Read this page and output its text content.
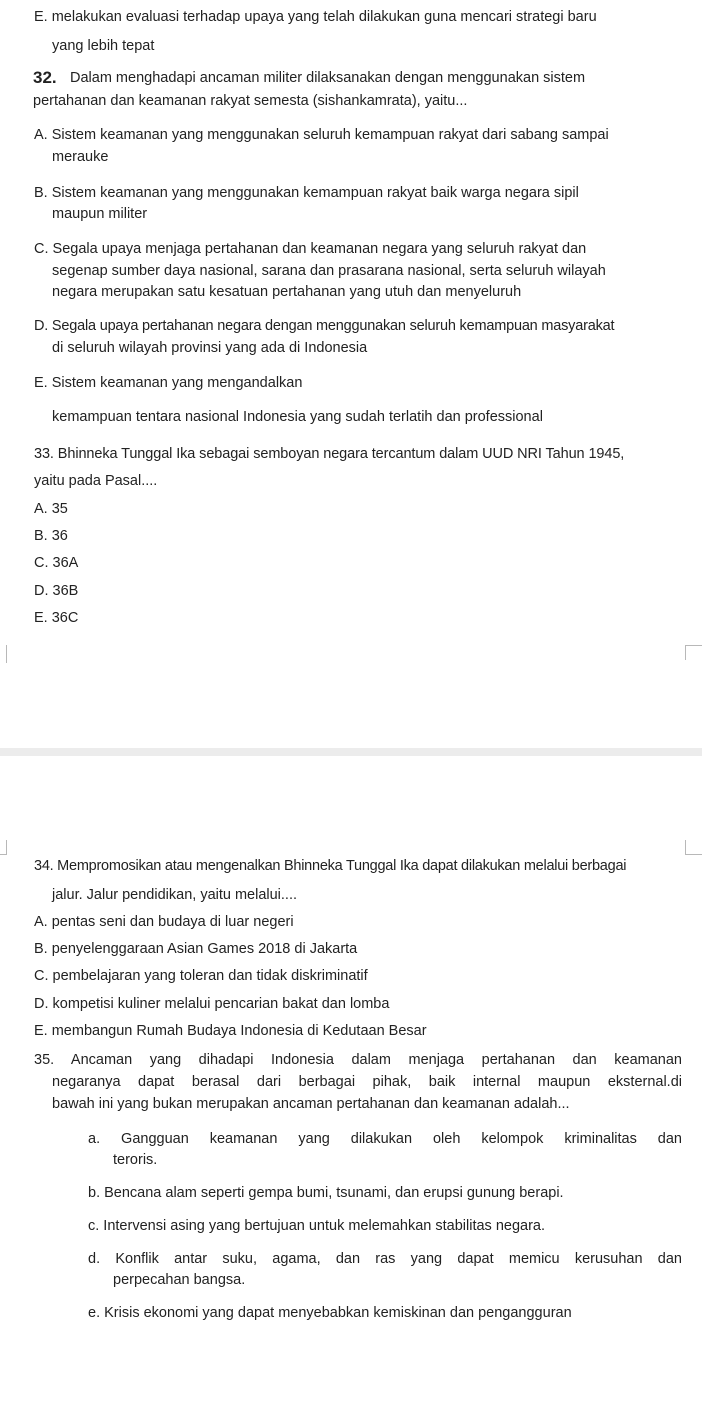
E. melakukan evaluasi terhadap upaya yang telah dilakukan guna mencari strategi baru
yang lebih tepat
32. Dalam menghadapi ancaman militer dilaksanakan dengan menggunakan sistem
pertahanan dan keamanan rakyat semesta (sishankamrata), yaitu...
A. Sistem keamanan yang menggunakan seluruh kemampuan rakyat dari sabang sampai
merauke
B. Sistem keamanan yang menggunakan kemampuan rakyat baik warga negara sipil
maupun militer
C. Segala upaya menjaga pertahanan dan keamanan negara yang seluruh rakyat dan
segenap sumber daya nasional, sarana dan prasarana nasional, serta seluruh wilayah
negara merupakan satu kesatuan pertahanan yang utuh dan menyeluruh
D. Segala upaya pertahanan negara dengan menggunakan seluruh kemampuan masyarakat
di seluruh wilayah provinsi yang ada di Indonesia
E. Sistem keamanan yang mengandalkan
kemampuan tentara nasional Indonesia yang sudah terlatih dan professional
33. Bhinneka Tunggal Ika sebagai semboyan negara tercantum dalam UUD NRI Tahun 1945,
yaitu pada Pasal....
A. 35
B. 36
C. 36A
D. 36B
E. 36C
34. Mempromosikan atau mengenalkan Bhinneka Tunggal Ika dapat dilakukan melalui berbagai
jalur. Jalur pendidikan, yaitu melalui....
A. pentas seni dan budaya di luar negeri
B. penyelenggaraan Asian Games 2018 di Jakarta
C. pembelajaran yang toleran dan tidak diskriminatif
D. kompetisi kuliner melalui pencarian bakat dan lomba
E. membangun Rumah Budaya Indonesia di Kedutaan Besar
35. Ancaman yang dihadapi Indonesia dalam menjaga pertahanan dan keamanan
negaranya dapat berasal dari berbagai pihak, baik internal maupun eksternal.di
bawah ini yang bukan merupakan ancaman pertahanan dan keamanan adalah...
a. Gangguan keamanan yang dilakukan oleh kelompok kriminalitas dan
teroris.
b. Bencana alam seperti gempa bumi, tsunami, dan erupsi gunung berapi.
c. Intervensi asing yang bertujuan untuk melemahkan stabilitas negara.
d. Konflik antar suku, agama, dan ras yang dapat memicu kerusuhan dan
perpecahan bangsa.
e. Krisis ekonomi yang dapat menyebabkan kemiskinan dan pengangguran
